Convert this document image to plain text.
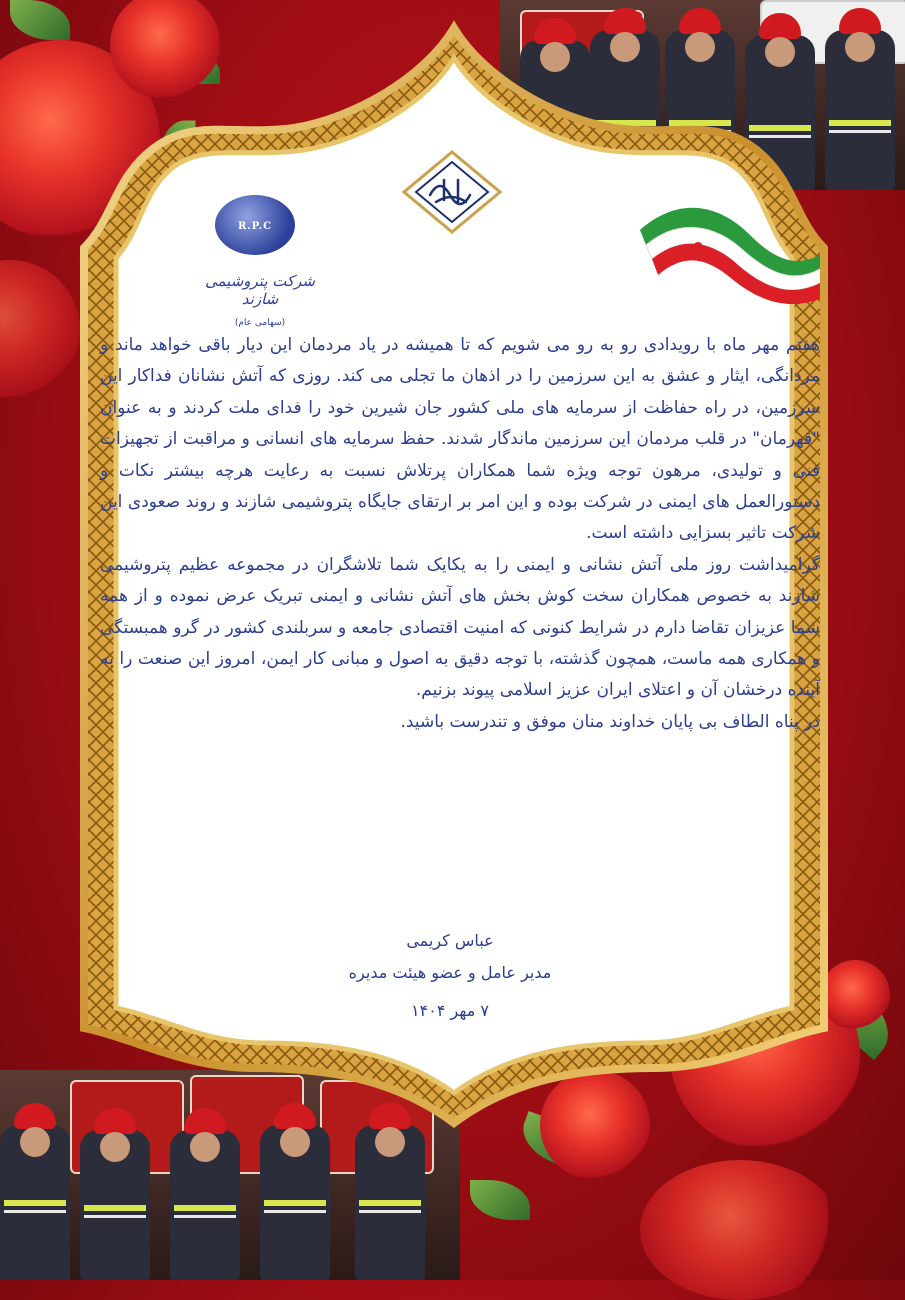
R.P.C
شرکت پتروشیمی شازند
(سهامی عام)

هفتم مهر ماه با رویدادی رو به رو می شویم که تا همیشه در یاد مردمان این دیار باقی خواهد ماند و مردانگی، ایثار و عشق به این سرزمین را در اذهان ما تجلی می کند. روزی که آتش نشانان فداکار این سرزمین، در راه حفاظت از سرمایه های ملی کشور جان شیرین خود را فدای ملت کردند و به عنوان "قهرمان" در قلب مردمان این سرزمین ماندگار شدند. حفظ سرمایه های انسانی و مراقبت از تجهیزات فنی و تولیدی، مرهون توجه ویژه شما همکاران پرتلاش نسبت به رعایت هرچه بیشتر نکات و دستورالعمل های ایمنی در شرکت بوده و این امر بر ارتقای جایگاه پتروشیمی شازند و روند صعودی این شرکت تاثیر بسزایی داشته است.

گرامیداشت روز ملی آتش نشانی و ایمنی را به یکایک شما تلاشگران در مجموعه عظیم پتروشیمی شازند به خصوص همکاران سخت کوش بخش های آتش نشانی و ایمنی تبریک عرض نموده و از همه شما عزیزان تقاضا دارم در شرایط کنونی که امنیت اقتصادی جامعه و سربلندی کشور در گرو همبستگی و همکاری همه ماست، همچون گذشته، با توجه دقیق به اصول و مبانی کار ایمن، امروز این صنعت را به آینده درخشان آن و اعتلای ایران عزیز اسلامی پیوند بزنیم.

در پناه الطاف بی پایان خداوند منان موفق و تندرست باشید.

عباس کریمی
مدیر عامل و عضو هیئت مدیره
۷ مهر ۱۴۰۴
